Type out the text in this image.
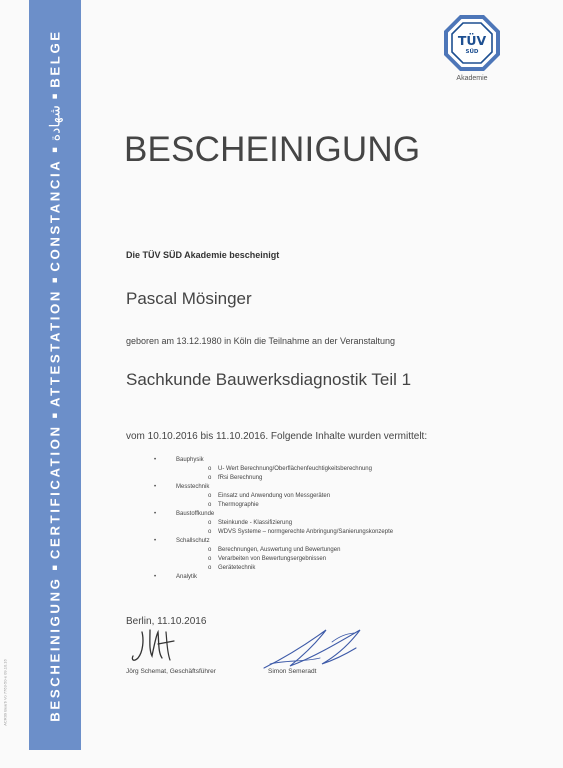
BESCHEINIGUNG■CERTIFICATION■ATTESTATION■CONSTANCIA■شهادة■BELGE
ACR09 Bearb Vo 7763-50-e 09.10.16
TÜV
SÜD
Akademie
BESCHEINIGUNG
Die TÜV SÜD Akademie bescheinigt
Pascal Mösinger
geboren am 13.12.1980 in Köln die Teilnahme an der Veranstaltung
Sachkunde Bauwerksdiagnostik Teil 1
vom 10.10.2016 bis 11.10.2016. Folgende Inhalte wurden vermittelt:
•	Bauphysik
o U- Wert Berechnung/Oberflächenfeuchtigkeitsberechnung
o fRsi Berechnung
•	Messtechnik
o Einsatz und Anwendung von Messgeräten
o Thermographie
•	Baustoffkunde
o Steinkunde - Klassifizierung
o WDVS Systeme – normgerechte Anbringung/Sanierungskonzepte
•	Schallschutz
o Berechnungen, Auswertung und Bewertungen
o Verarbeiten von Bewertungsergebnissen
o Gerätetechnik
•	Analytik
Berlin, 11.10.2016
Jörg Schemat, Geschäftsführer	Simon Semeradt
